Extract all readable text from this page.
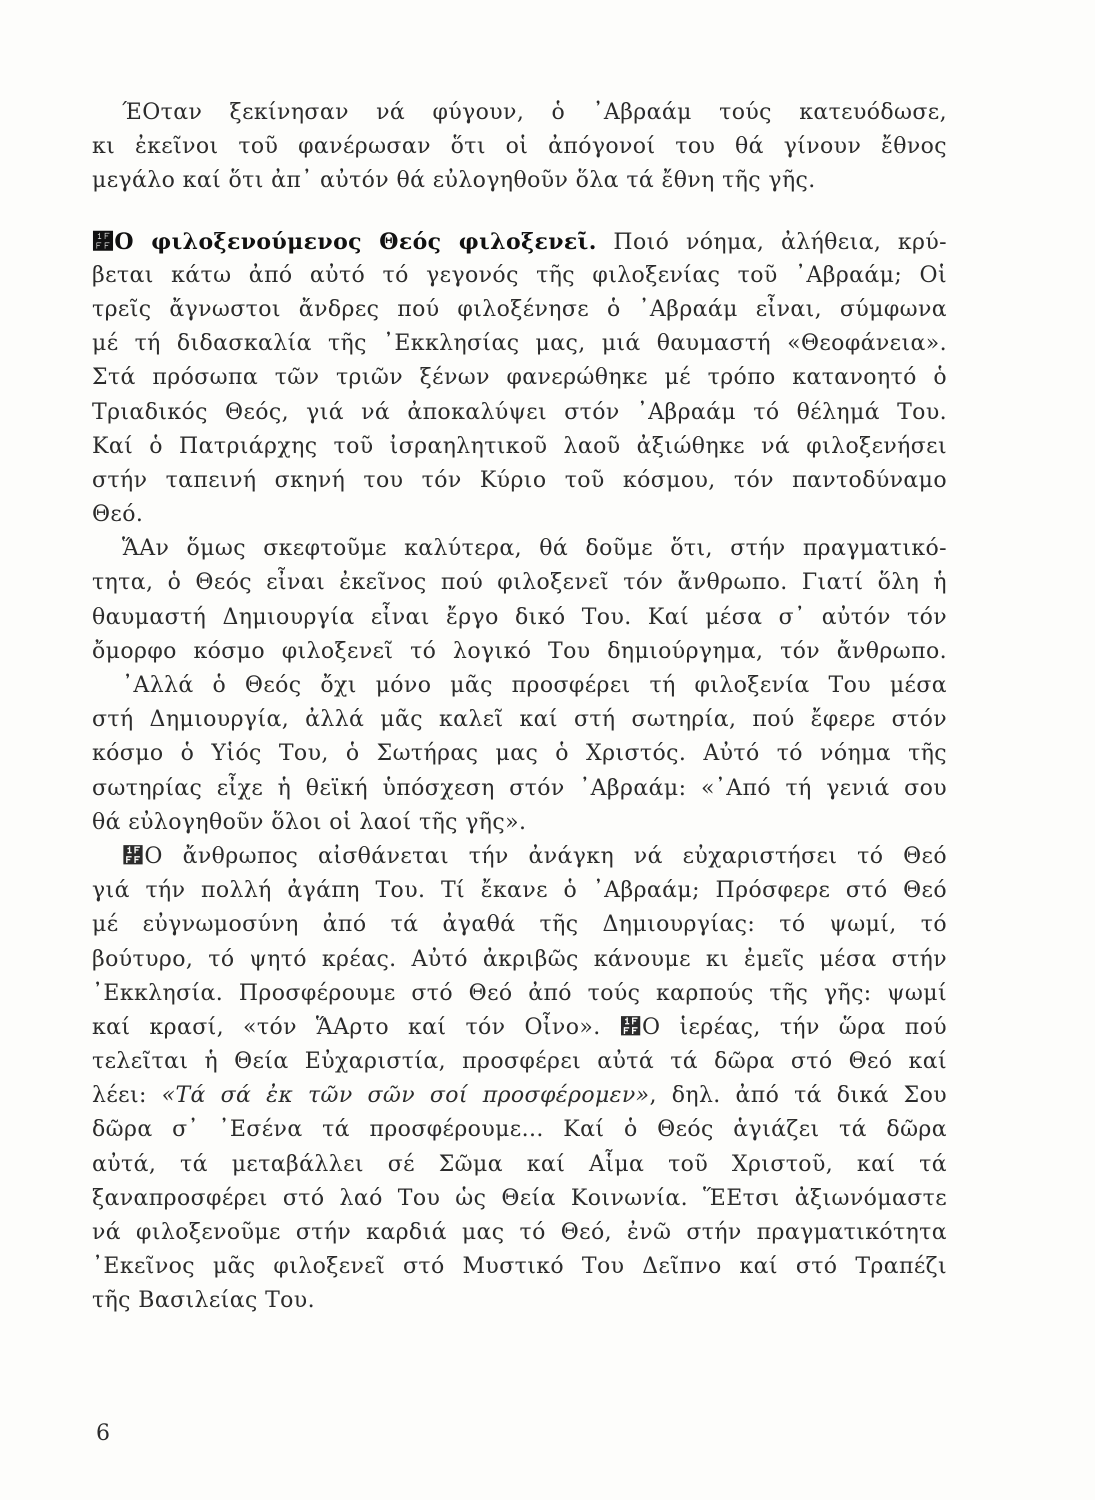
ΈΟταν ξεκίνησαν νά φύγουν, ὁ ᾿Αβραάμ τούς κατευόδωσε,
κι ἐκεῖνοι τοῦ φανέρωσαν ὅτι οἱ ἀπόγονοί του θά γίνουν ἔθνος
μεγάλο καί ὅτι ἀπ᾿ αὐτόν θά εὐλογηθοῦν ὅλα τά ἔθνη τῆς γῆς.
῿Ο φιλοξενούμενος Θεός φιλοξενεῖ. Ποιό νόημα, ἀλήθεια, κρύ-
βεται κάτω ἀπό αὐτό τό γεγονός τῆς φιλοξενίας τοῦ ᾿Αβραάμ; Οἱ
τρεῖς ἄγνωστοι ἄνδρες πού φιλοξένησε ὁ ᾿Αβραάμ εἶναι, σύμφωνα
μέ τή διδασκαλία τῆς ᾿Εκκλησίας μας, μιά θαυμαστή «Θεοφάνεια».
Στά πρόσωπα τῶν τριῶν ξένων φανερώθηκε μέ τρόπο κατανοητό ὁ
Τριαδικός Θεός, γιά νά ἀποκαλύψει στόν ᾿Αβραάμ τό θέλημά Του.
Καί ὁ Πατριάρχης τοῦ ἰσραηλητικοῦ λαοῦ ἀξιώθηκε νά φιλοξενήσει
στήν ταπεινή σκηνή του τόν Κύριο τοῦ κόσμου, τόν παντοδύναμο
Θεό.
ἍΑν ὅμως σκεφτοῦμε καλύτερα, θά δοῦμε ὅτι, στήν πραγματικό-
τητα, ὁ Θεός εἶναι ἐκεῖνος πού φιλοξενεῖ τόν ἄνθρωπο. Γιατί ὅλη ἡ
θαυμαστή Δημιουργία εἶναι ἔργο δικό Του. Καί μέσα σ᾿ αὐτόν τόν
ὄμορφο κόσμο φιλοξενεῖ τό λογικό Του δημιούργημα, τόν ἄνθρωπο.
᾿Αλλά ὁ Θεός ὄχι μόνο μᾶς προσφέρει τή φιλοξενία Του μέσα
στή Δημιουργία, ἀλλά μᾶς καλεῖ καί στή σωτηρία, πού ἔφερε στόν
κόσμο ὁ Υἱός Του, ὁ Σωτήρας μας ὁ Χριστός. Αὐτό τό νόημα τῆς
σωτηρίας εἶχε ἡ θεϊκή ὑπόσχεση στόν ᾿Αβραάμ: «᾿Από τή γενιά σου
θά εὐλογηθοῦν ὅλοι οἱ λαοί τῆς γῆς».
῿Ο ἄνθρωπος αἰσθάνεται τήν ἀνάγκη νά εὐχαριστήσει τό Θεό
γιά τήν πολλή ἀγάπη Του. Τί ἔκανε ὁ ᾿Αβραάμ; Πρόσφερε στό Θεό
μέ εὐγνωμοσύνη ἀπό τά ἀγαθά τῆς Δημιουργίας: τό ψωμί, τό
βούτυρο, τό ψητό κρέας. Αὐτό ἀκριβῶς κάνουμε κι ἐμεῖς μέσα στήν
᾿Εκκλησία. Προσφέρουμε στό Θεό ἀπό τούς καρπούς τῆς γῆς: ψωμί
καί κρασί, «τόν ἍΑρτο καί τόν Οἶνο». ῿Ο ἱερέας, τήν ὥρα πού
τελεῖται ἡ Θεία Εὐχαριστία, προσφέρει αὐτά τά δῶρα στό Θεό καί
λέει: «Τά σά ἐκ τῶν σῶν σοί προσφέρομεν», δηλ. ἀπό τά δικά Σου
δῶρα σ᾿ ᾿Εσένα τά προσφέρουμε... Καί ὁ Θεός ἁγιάζει τά δῶρα
αὐτά, τά μεταβάλλει σέ Σῶμα καί Αἷμα τοῦ Χριστοῦ, καί τά
ξαναπροσφέρει στό λαό Του ὡς Θεία Κοινωνία. ἝΕτσι ἀξιωνόμαστε
νά φιλοξενοῦμε στήν καρδιά μας τό Θεό, ἐνῶ στήν πραγματικότητα
᾿Εκεῖνος μᾶς φιλοξενεῖ στό Μυστικό Του Δεῖπνο καί στό Τραπέζι
τῆς Βασιλείας Του.
6
